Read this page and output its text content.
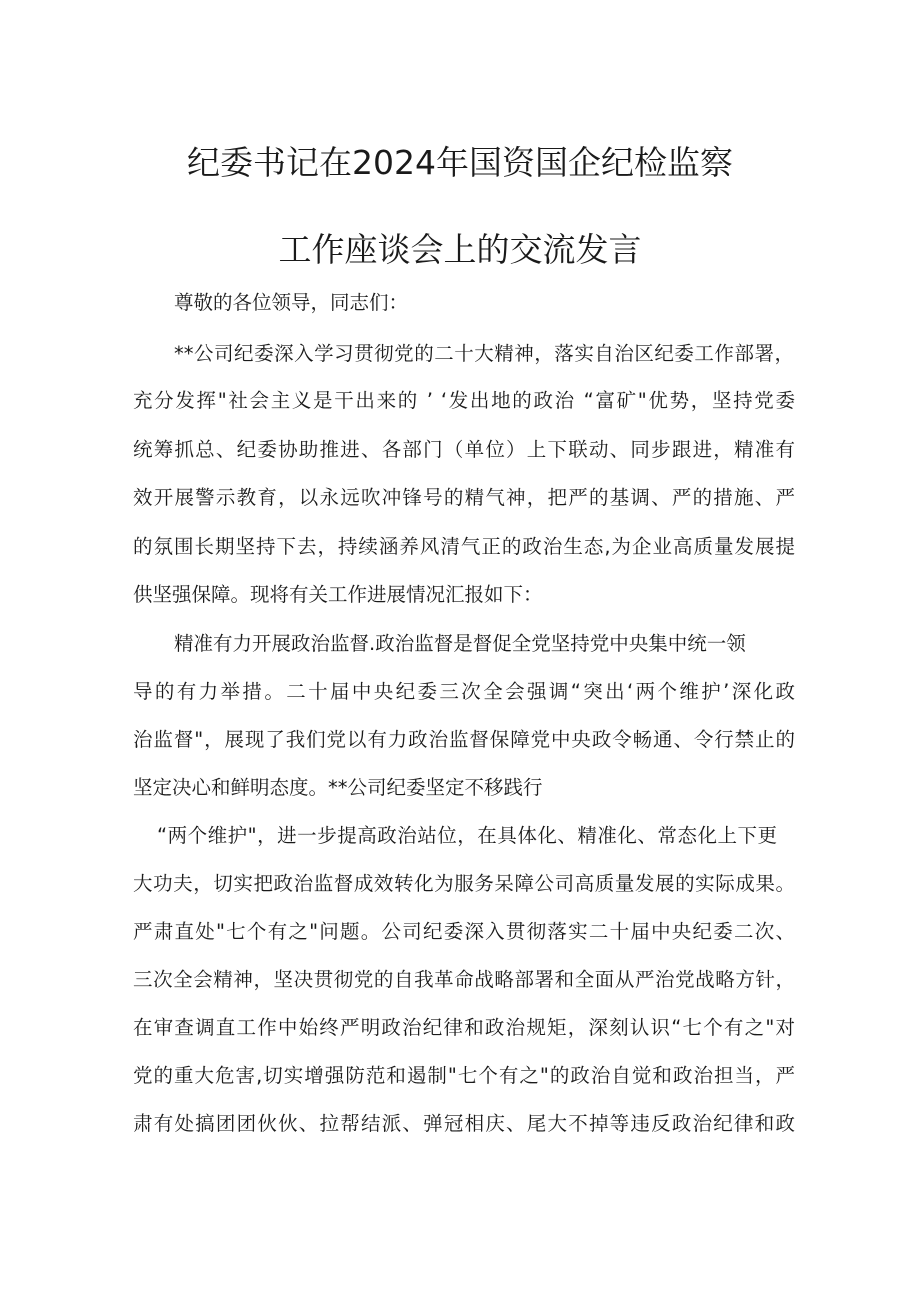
纪委书记在2024年国资国企纪检监察
工作座谈会上的交流发言

尊敬的各位领导，同志们：

**公司纪委深入学习贯彻党的二十大精神，落实自治区纪委工作部署，

充分发挥"社会主义是干出来的 ’ ‘发出地的政治 “富矿"优势，坚持党委

统筹抓总、纪委协助推进、各部门（单位）上下联动、同步跟进，精准有

效开展警示教育，以永远吹冲锋号的精气神，把严的基调、严的措施、严

的氛围长期坚持下去，持续涵养风清气正的政治生态,为企业高质量发展提

供坚强保障。现将有关工作进展情况汇报如下：

精准有力开展政治监督.政治监督是督促全党坚持党中央集中统一领

导的有力举措。二十届中央纪委三次全会强调“突出‘两个维护’深化政

治监督"，展现了我们党以有力政治监督保障党中央政令畅通、令行禁止的

坚定决心和鲜明态度。**公司纪委坚定不移践行

“两个维护"，进一步提高政治站位，在具体化、精准化、常态化上下更

大功夫，切实把政治监督成效转化为服务呆障公司高质量发展的实际成果。

严肃直处"七个有之"问题。公司纪委深入贯彻落实二十届中央纪委二次、

三次全会精神，坚决贯彻党的自我革命战略部署和全面从严治党战略方针，

在审查调直工作中始终严明政治纪律和政治规矩，深刻认识“七个有之"对

党的重大危害,切实增强防范和遏制"七个有之"的政治自觉和政治担当，严

肃有处搞团团伙伙、拉帮结派、弹冠相庆、尾大不掉等违反政治纪律和政
